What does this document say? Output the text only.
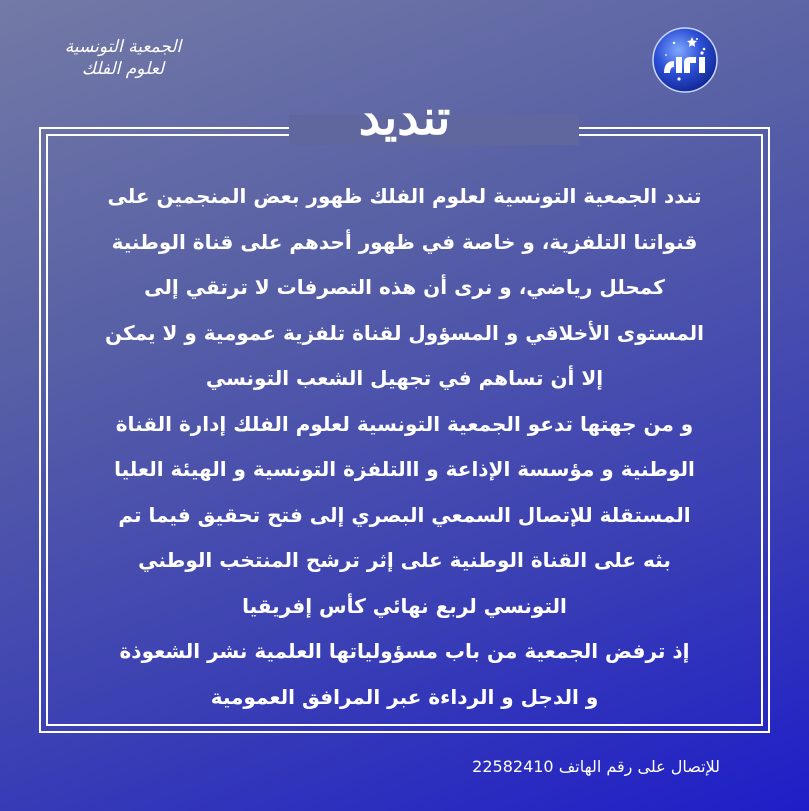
الجمعية التونسية
لعلوم الفلك
تنديد
تندد الجمعية التونسية لعلوم الفلك ظهور بعض المنجمين على
قنواتنا التلفزية، و خاصة في ظهور أحدهم على قناة الوطنية
كمحلل رياضي، و نرى أن هذه التصرفات لا ترتقي إلى
المستوى الأخلاقي و المسؤول لقناة تلفزية عمومية و لا يمكن
إلا أن تساهم في تجهيل الشعب التونسي
و من جهتها تدعو الجمعية التونسية لعلوم الفلك إدارة القناة
الوطنية و مؤسسة الإذاعة و االتلفزة التونسية و الهيئة العليا
المستقلة للإتصال السمعي البصري إلى فتح تحقيق فيما تم
بثه على القناة الوطنية على إثر ترشح المنتخب الوطني
التونسي لربع نهائي كأس إفريقيا
إذ ترفض الجمعية من باب مسؤولياتها العلمية نشر الشعوذة
و الدجل و الرداءة عبر المرافق العمومية
للإتصال على رقم الهاتف 22582410
